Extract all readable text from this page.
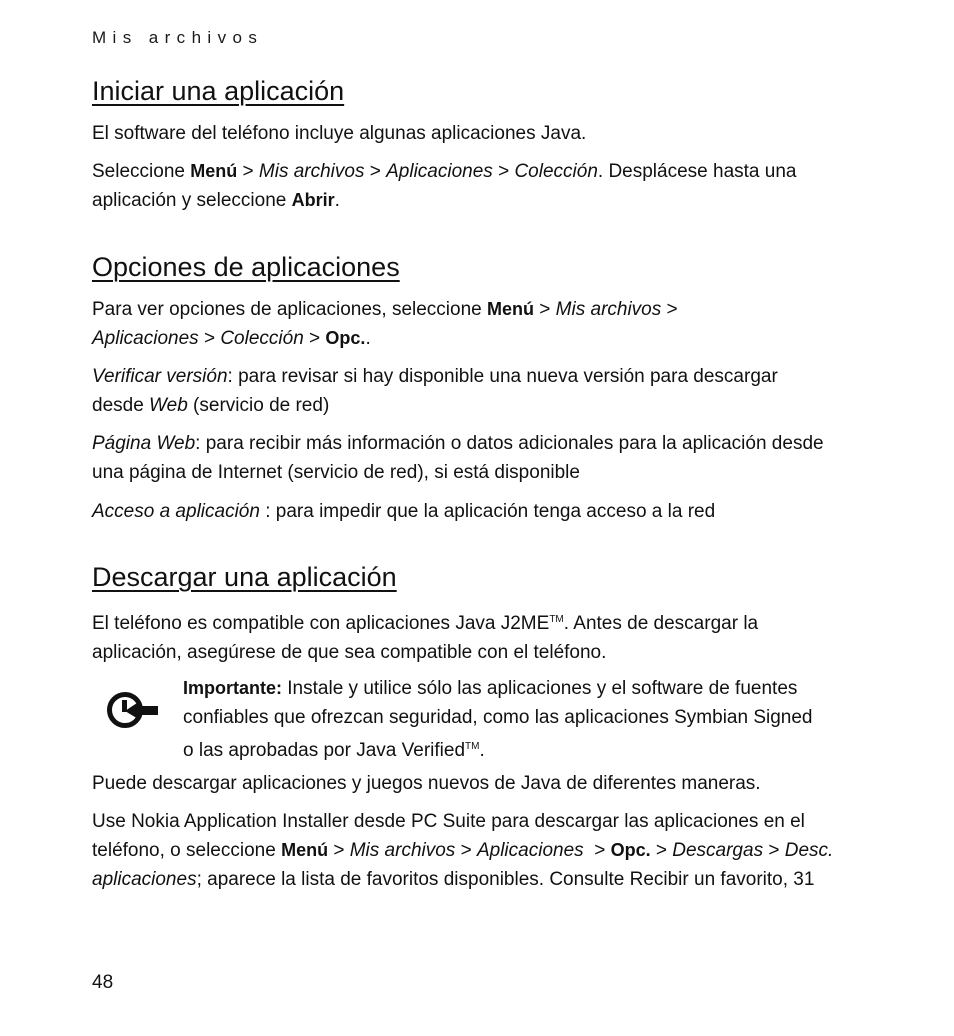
Mis archivos
Iniciar una aplicación

El software del teléfono incluye algunas aplicaciones Java.

Seleccione Menú > Mis archivos > Aplicaciones > Colección. Desplácese hasta una aplicación y seleccione Abrir.

Opciones de aplicaciones

Para ver opciones de aplicaciones, seleccione Menú > Mis archivos > Aplicaciones > Colección > Opc..

Verificar versión: para revisar si hay disponible una nueva versión para descargar desde Web (servicio de red)

Página Web: para recibir más información o datos adicionales para la aplicación desde una página de Internet (servicio de red), si está disponible

Acceso a aplicación : para impedir que la aplicación tenga acceso a la red

Descargar una aplicación

El teléfono es compatible con aplicaciones Java J2ME™. Antes de descargar la aplicación, asegúrese de que sea compatible con el teléfono.

Importante: Instale y utilice sólo las aplicaciones y el software de fuentes confiables que ofrezcan seguridad, como las aplicaciones Symbian Signed o las aprobadas por Java Verified™.

Puede descargar aplicaciones y juegos nuevos de Java de diferentes maneras.

Use Nokia Application Installer desde PC Suite para descargar las aplicaciones en el teléfono, o seleccione Menú > Mis archivos > Aplicaciones  > Opc. > Descargas > Desc. aplicaciones; aparece la lista de favoritos disponibles. Consulte Recibir un favorito, 31

48
